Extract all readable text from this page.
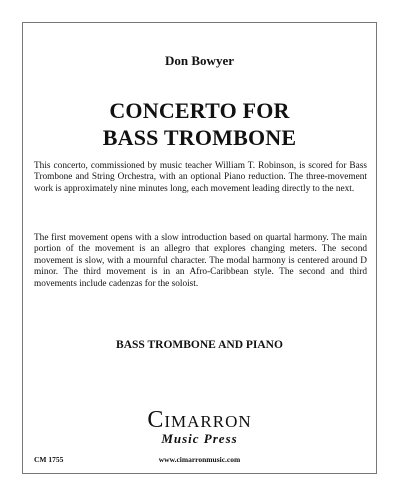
Don Bowyer
CONCERTO FOR
BASS TROMBONE

This concerto, commissioned by music teacher William T. Robinson, is scored for Bass Trombone and String Orchestra, with an optional Piano reduction. The three-movement work is approximately nine minutes long, each movement leading directly to the next.

The first movement opens with a slow introduction based on quartal harmony. The main portion of the movement is an allegro that explores changing meters. The second movement is slow, with a mournful character. The modal harmony is centered around D minor. The third movement is in an Afro-Caribbean style. The second and third movements include cadenzas for the soloist.

BASS TROMBONE AND PIANO
CIMARRON
Music Press
CM 1755	www.cimarronmusic.com
